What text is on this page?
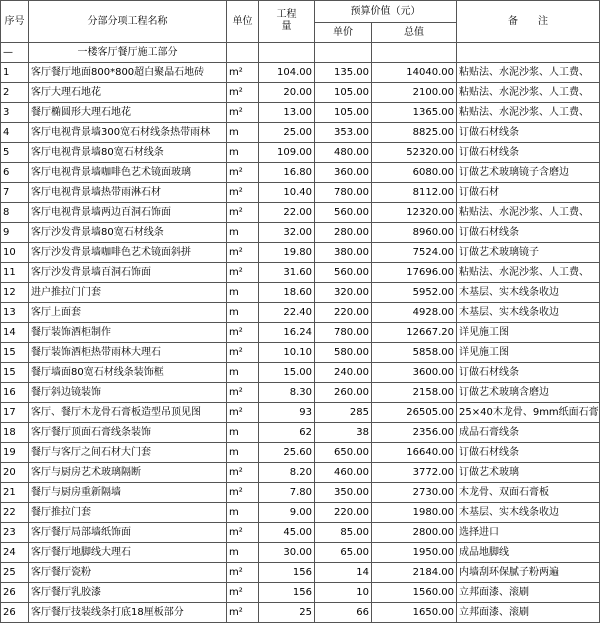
序号	分部分项工程名称	单位	工程量	预算价值（元）		备　　注
				单价	总值	
—	一楼客厅餐厅施工部分					
1	客厅餐厅地面800*800超白聚晶石地砖	m²	104.00	135.00	14040.00	粘贴法、水泥沙浆、人工费、
2	客厅大理石地花	m²	20.00	105.00	2100.00	粘贴法、水泥沙浆、人工费、
3	餐厅椭圆形大理石地花	m²	13.00	105.00	1365.00	粘贴法、水泥沙浆、人工费、
4	客厅电视背景墙300宽石材线条热带雨林	m	25.00	353.00	8825.00	订做石材线条
5	客厅电视背景墙80宽石材线条	m	109.00	480.00	52320.00	订做石材线条
6	客厅电视背景墙咖啡色艺术镜面玻璃	m²	16.80	360.00	6080.00	订做艺术玻璃镜子含磨边
7	客厅电视背景墙热带雨淋石材	m²	10.40	780.00	8112.00	订做石材
8	客厅电视背景墙两边百洞石饰面	m²	22.00	560.00	12320.00	粘贴法、水泥沙浆、人工费、
9	客厅沙发背景墙80宽石材线条	m	32.00	280.00	8960.00	订做石材线条
10	客厅沙发背景墙咖啡色艺术镜面斜拼	m²	19.80	380.00	7524.00	订做艺术玻璃镜子
11	客厅沙发背景墙百洞石饰面	m²	31.60	560.00	17696.00	粘贴法、水泥沙浆、人工费、
12	进户推拉门门套	m	18.60	320.00	5952.00	木基层、实木线条收边
13	客厅上面套	m	22.40	220.00	4928.00	木基层、实木线条收边
14	餐厅装饰酒柜制作	m²	16.24	780.00	12667.20	详见施工图
15	餐厅装饰酒柜热带雨林大理石	m²	10.10	580.00	5858.00	详见施工图
15	餐厅墙面80宽石材线条装饰框	m	15.00	240.00	3600.00	订做石材线条
16	餐厅斜边镜装饰	m²	8.30	260.00	2158.00	订做艺术玻璃含磨边
17	客厅、餐厅木龙骨石膏板造型吊顶见图	m²	93	285	26505.00	25×40木龙骨、9mm纸面石膏
18	客厅餐厅顶面石膏线条装饰	m	62	38	2356.00	成品石膏线条
19	餐厅与客厅之间石材大门套	m	25.60	650.00	16640.00	订做石材线条
20	客厅与厨房艺术玻璃隔断	m²	8.20	460.00	3772.00	订做艺术玻璃
21	餐厅与厨房重新隔墙	m²	7.80	350.00	2730.00	木龙骨、双面石膏板
22	餐厅推拉门套	m	9.00	220.00	1980.00	木基层、实木线条收边
23	客厅餐厅局部墙纸饰面	m²	45.00	85.00	2800.00	选择进口
24	客厅餐厅地脚线大理石	m	30.00	65.00	1950.00	成品地脚线
25	客厅餐厅瓷粉	m²	156	14	2184.00	内墙刮环保腻子粉两遍
26	客厅餐厅乳胶漆	m²	156	10	1560.00	立邦面漆、滚刷
26	客厅餐厅技装线条打底18厘板部分	m²	25	66	1650.00	立邦面漆、滚刷
